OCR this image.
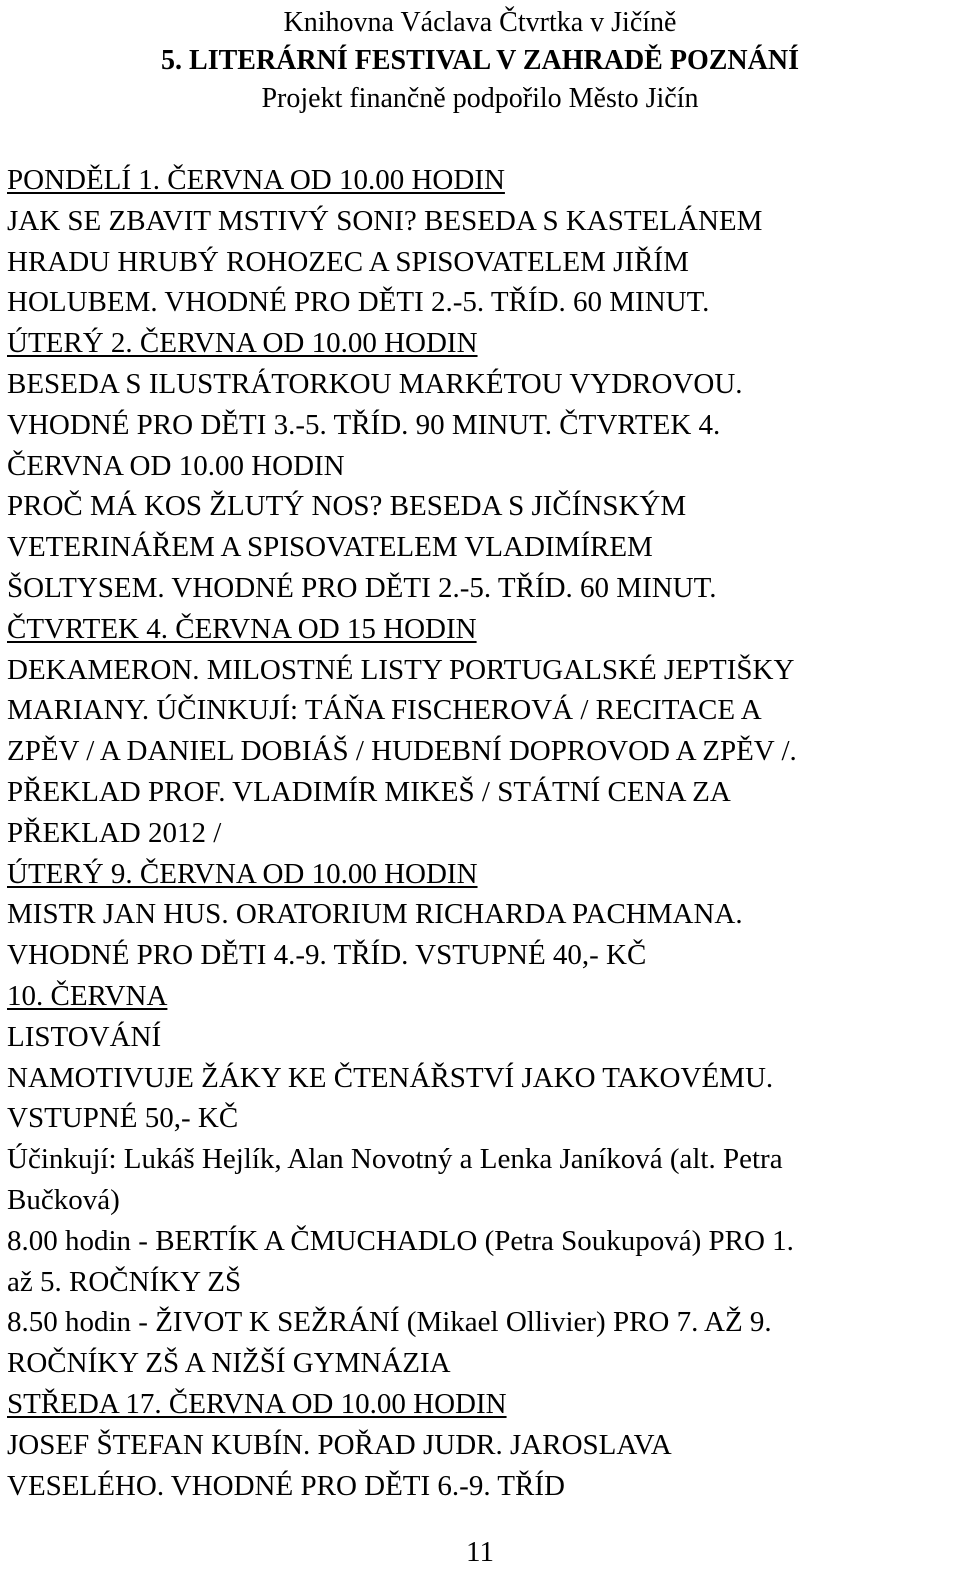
Knihovna Václava Čtvrtka v Jičíně
5. LITERÁRNÍ FESTIVAL V ZAHRADĚ POZNÁNÍ
Projekt finančně podpořilo Město Jičín
PONDĚLÍ 1. ČERVNA OD 10.00 HODIN
JAK SE ZBAVIT MSTIVÝ SONI? BESEDA S KASTELÁNEM
HRADU HRUBÝ ROHOZEC A SPISOVATELEM JIŘÍM
HOLUBEM. VHODNÉ PRO DĚTI 2.-5. TŘÍD. 60 MINUT.
ÚTERÝ 2. ČERVNA OD 10.00 HODIN
BESEDA S ILUSTRÁTORKOU MARKÉTOU VYDROVOU.
VHODNÉ PRO DĚTI 3.-5. TŘÍD. 90 MINUT. ČTVRTEK 4.
ČERVNA OD 10.00 HODIN
PROČ MÁ KOS ŽLUTÝ NOS? BESEDA S JIČÍNSKÝM
VETERINÁŘEM A SPISOVATELEM VLADIMÍREM
ŠOLTYSEM. VHODNÉ PRO DĚTI 2.-5. TŘÍD. 60 MINUT.
ČTVRTEK 4. ČERVNA OD 15 HODIN
DEKAMERON. MILOSTNÉ LISTY PORTUGALSKÉ JEPTIŠKY
MARIANY. ÚČINKUJÍ: TÁŇA FISCHEROVÁ / RECITACE A
ZPĚV / A DANIEL DOBIÁŠ / HUDEBNÍ DOPROVOD A ZPĚV /.
PŘEKLAD PROF. VLADIMÍR MIKEŠ / STÁTNÍ CENA ZA
PŘEKLAD 2012 /
ÚTERÝ 9. ČERVNA OD 10.00 HODIN
MISTR JAN HUS. ORATORIUM RICHARDA PACHMANA.
VHODNÉ PRO DĚTI 4.-9. TŘÍD. VSTUPNÉ 40,- KČ
10. ČERVNA
LISTOVÁNÍ
NAMOTIVUJE ŽÁKY KE ČTENÁŘSTVÍ JAKO TAKOVÉMU.
VSTUPNÉ 50,- KČ
Účinkují: Lukáš Hejlík, Alan Novotný a Lenka Janíková (alt. Petra
Bučková)
8.00 hodin - BERTÍK A ČMUCHADLO (Petra Soukupová) PRO 1.
až 5. ROČNÍKY ZŠ
8.50 hodin - ŽIVOT K SEŽRÁNÍ (Mikael Ollivier) PRO 7. AŽ 9.
ROČNÍKY ZŠ A NIŽŠÍ GYMNÁZIA
STŘEDA 17. ČERVNA OD 10.00 HODIN
JOSEF ŠTEFAN KUBÍN. POŘAD JUDR. JAROSLAVA
VESELÉHO. VHODNÉ PRO DĚTI 6.-9. TŘÍD
11
